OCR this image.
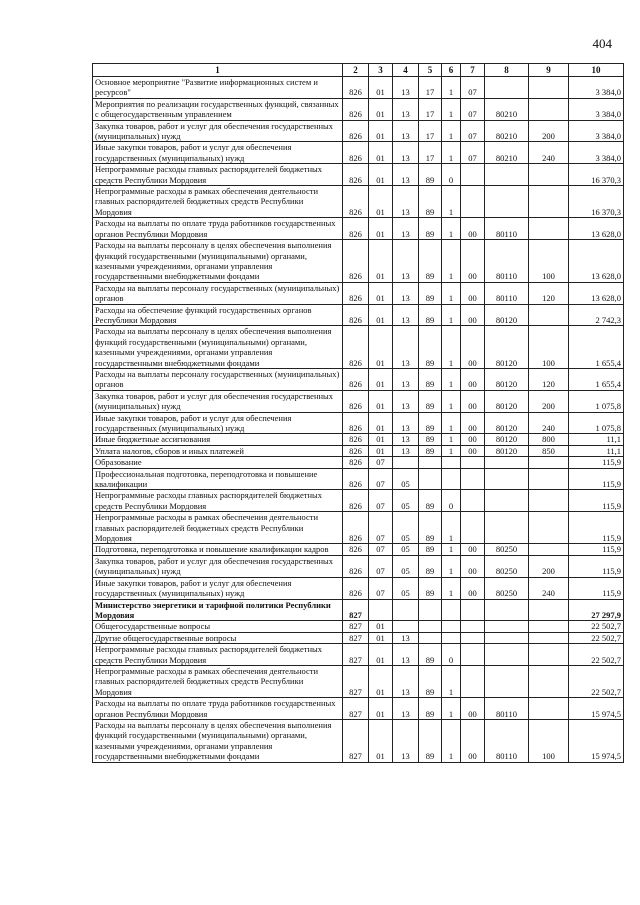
404
1	2	3	4	5	6	7	8	9	10
Основное мероприятие "Развитие информационных систем и ресурсов"	826	01	13	17	1	07			3 384,0
Мероприятия по реализации государственных функций, связанных с общегосударственным управлением	826	01	13	17	1	07	80210		3 384,0
Закупка товаров, работ и услуг для обеспечения государственных (муниципальных) нужд	826	01	13	17	1	07	80210	200	3 384,0
Иные закупки товаров, работ и услуг для обеспечения государственных (муниципальных) нужд	826	01	13	17	1	07	80210	240	3 384,0
Непрограммные расходы главных распорядителей бюджетных средств Республики Мордовия	826	01	13	89	0				16 370,3
Непрограммные расходы в рамках обеспечения деятельности главных распорядителей бюджетных средств Республики Мордовия	826	01	13	89	1				16 370,3
Расходы на выплаты по оплате труда работников государственных органов Республики Мордовия	826	01	13	89	1	00	80110		13 628,0
Расходы на выплаты персоналу в целях обеспечения выполнения функций государственными (муниципальными) органами, казенными учреждениями, органами управления государственными внебюджетными фондами	826	01	13	89	1	00	80110	100	13 628,0
Расходы на выплаты персоналу государственных (муниципальных) органов	826	01	13	89	1	00	80110	120	13 628,0
Расходы на обеспечение функций государственных органов Республики Мордовия	826	01	13	89	1	00	80120		2 742,3
Расходы на выплаты персоналу в целях обеспечения выполнения функций государственными (муниципальными) органами, казенными учреждениями, органами управления государственными внебюджетными фондами	826	01	13	89	1	00	80120	100	1 655,4
Расходы на выплаты персоналу государственных (муниципальных) органов	826	01	13	89	1	00	80120	120	1 655,4
Закупка товаров, работ и услуг для обеспечения государственных (муниципальных) нужд	826	01	13	89	1	00	80120	200	1 075,8
Иные закупки товаров, работ и услуг для обеспечения государственных (муниципальных) нужд	826	01	13	89	1	00	80120	240	1 075,8
Иные бюджетные ассигнования	826	01	13	89	1	00	80120	800	11,1
Уплата налогов, сборов и иных платежей	826	01	13	89	1	00	80120	850	11,1
Образование	826	07							115,9
Профессиональная подготовка, переподготовка и повышение квалификации	826	07	05						115,9
Непрограммные расходы главных распорядителей бюджетных средств Республики Мордовия	826	07	05	89	0				115,9
Непрограммные расходы в рамках обеспечения деятельности главных распорядителей бюджетных средств Республики Мордовия	826	07	05	89	1				115,9
Подготовка, переподготовка и повышение квалификации кадров	826	07	05	89	1	00	80250		115,9
Закупка товаров, работ и услуг для обеспечения государственных (муниципальных) нужд	826	07	05	89	1	00	80250	200	115,9
Иные закупки товаров, работ и услуг для обеспечения государственных (муниципальных) нужд	826	07	05	89	1	00	80250	240	115,9
Министерство энергетики и тарифной политики Республики Мордовия	827								27 297,9
Общегосударственные вопросы	827	01							22 502,7
Другие общегосударственные вопросы	827	01	13						22 502,7
Непрограммные расходы главных распорядителей бюджетных средств Республики Мордовия	827	01	13	89	0				22 502,7
Непрограммные расходы в рамках обеспечения деятельности главных распорядителей бюджетных средств Республики Мордовия	827	01	13	89	1				22 502,7
Расходы на выплаты по оплате труда работников государственных органов Республики Мордовия	827	01	13	89	1	00	80110		15 974,5
Расходы на выплаты персоналу в целях обеспечения выполнения функций государственными (муниципальными) органами, казенными учреждениями, органами управления государственными внебюджетными фондами	827	01	13	89	1	00	80110	100	15 974,5
